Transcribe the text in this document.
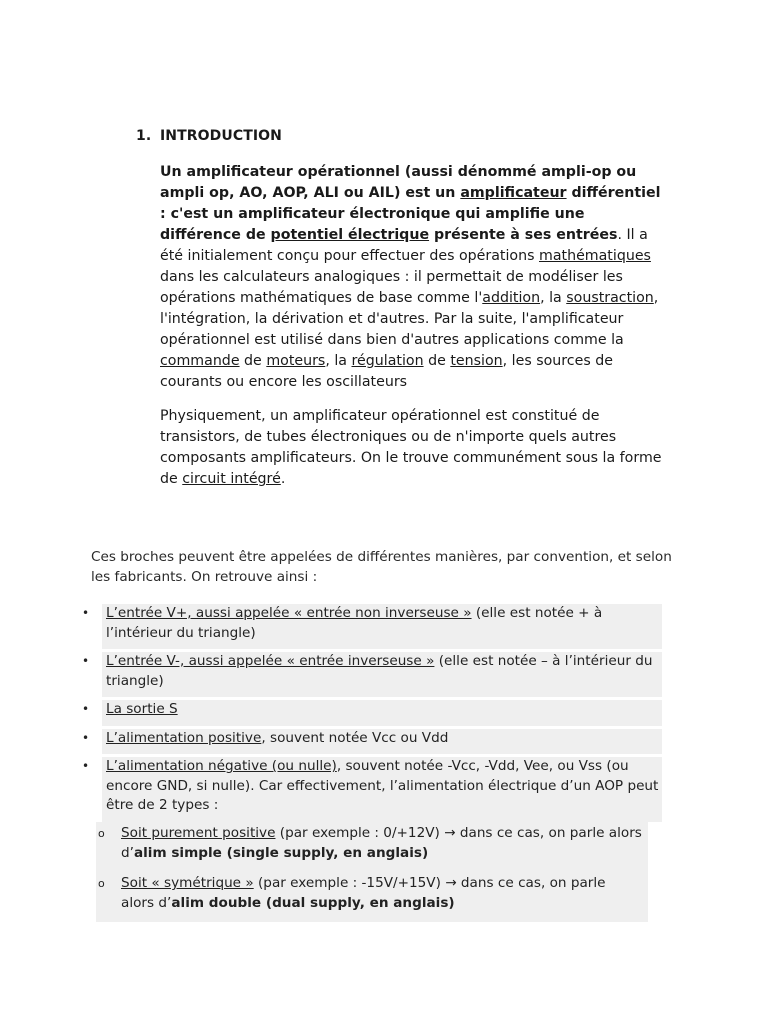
1. INTRODUCTION

Un amplificateur opérationnel (aussi dénommé ampli-op ou ampli op, AO, AOP, ALI ou AIL) est un amplificateur différentiel : c'est un amplificateur électronique qui amplifie une différence de potentiel électrique présente à ses entrées. Il a été initialement conçu pour effectuer des opérations mathématiques dans les calculateurs analogiques : il permettait de modéliser les opérations mathématiques de base comme l'addition, la soustraction, l'intégration, la dérivation et d'autres. Par la suite, l'amplificateur opérationnel est utilisé dans bien d'autres applications comme la commande de moteurs, la régulation de tension, les sources de courants ou encore les oscillateurs

Physiquement, un amplificateur opérationnel est constitué de transistors, de tubes électroniques ou de n'importe quels autres composants amplificateurs. On le trouve communément sous la forme de circuit intégré.

Ces broches peuvent être appelées de différentes manières, par convention, et selon les fabricants. On retrouve ainsi :

• L’entrée V+, aussi appelée « entrée non inverseuse » (elle est notée + à l’intérieur du triangle)
• L’entrée V-, aussi appelée « entrée inverseuse » (elle est notée – à l’intérieur du triangle)
• La sortie S
• L’alimentation positive, souvent notée Vcc ou Vdd
• L’alimentation négative (ou nulle), souvent notée -Vcc, -Vdd, Vee, ou Vss (ou encore GND, si nulle). Car effectivement, l’alimentation électrique d’un AOP peut être de 2 types :
o Soit purement positive (par exemple : 0/+12V) → dans ce cas, on parle alors d’alim simple (single supply, en anglais)
o Soit « symétrique » (par exemple : -15V/+15V) → dans ce cas, on parle alors d’alim double (dual supply, en anglais)
